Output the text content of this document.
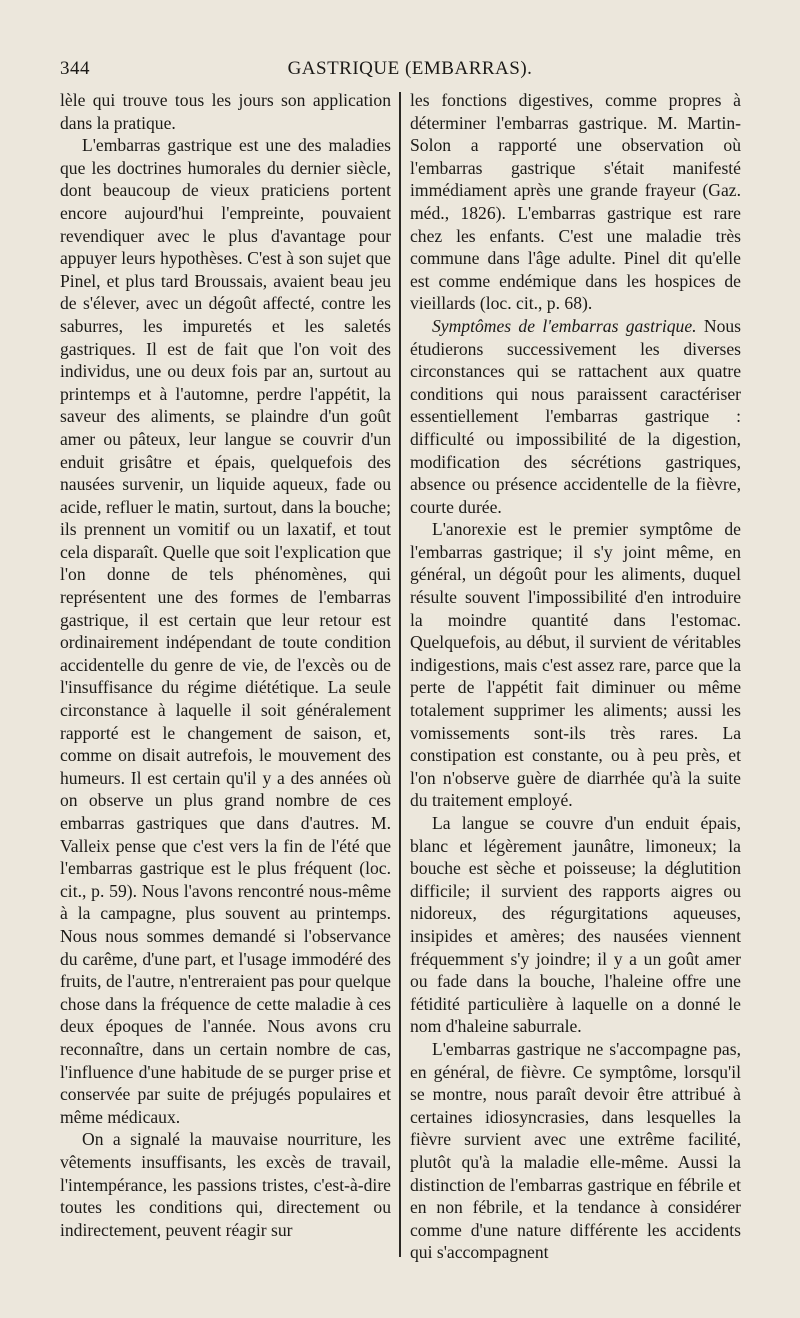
344	GASTRIQUE (EMBARRAS).

lèle qui trouve tous les jours son application dans la pratique.

L'embarras gastrique est une des maladies que les doctrines humorales du dernier siècle, dont beaucoup de vieux praticiens portent encore aujourd'hui l'empreinte, pouvaient revendiquer avec le plus d'avantage pour appuyer leurs hypothèses. C'est à son sujet que Pinel, et plus tard Broussais, avaient beau jeu de s'élever, avec un dégoût affecté, contre les saburres, les impuretés et les saletés gastriques. Il est de fait que l'on voit des individus, une ou deux fois par an, surtout au printemps et à l'automne, perdre l'appétit, la saveur des aliments, se plaindre d'un goût amer ou pâteux, leur langue se couvrir d'un enduit grisâtre et épais, quelquefois des nausées survenir, un liquide aqueux, fade ou acide, refluer le matin, surtout, dans la bouche; ils prennent un vomitif ou un laxatif, et tout cela disparaît. Quelle que soit l'explication que l'on donne de tels phénomènes, qui représentent une des formes de l'embarras gastrique, il est certain que leur retour est ordinairement indépendant de toute condition accidentelle du genre de vie, de l'excès ou de l'insuffisance du régime diététique. La seule circonstance à laquelle il soit généralement rapporté est le changement de saison, et, comme on disait autrefois, le mouvement des humeurs. Il est certain qu'il y a des années où on observe un plus grand nombre de ces embarras gastriques que dans d'autres. M. Valleix pense que c'est vers la fin de l'été que l'embarras gastrique est le plus fréquent (loc. cit., p. 59). Nous l'avons rencontré nous-même à la campagne, plus souvent au printemps. Nous nous sommes demandé si l'observance du carême, d'une part, et l'usage immodéré des fruits, de l'autre, n'entreraient pas pour quelque chose dans la fréquence de cette maladie à ces deux époques de l'année. Nous avons cru reconnaître, dans un certain nombre de cas, l'influence d'une habitude de se purger prise et conservée par suite de préjugés populaires et même médicaux.

On a signalé la mauvaise nourriture, les vêtements insuffisants, les excès de travail, l'intempérance, les passions tristes, c'est-à-dire toutes les conditions qui, directement ou indirectement, peuvent réagir sur

les fonctions digestives, comme propres à déterminer l'embarras gastrique. M. Martin-Solon a rapporté une observation où l'embarras gastrique s'était manifesté immédiament après une grande frayeur (Gaz. méd., 1826). L'embarras gastrique est rare chez les enfants. C'est une maladie très commune dans l'âge adulte. Pinel dit qu'elle est comme endémique dans les hospices de vieillards (loc. cit., p. 68).

Symptômes de l'embarras gastrique. Nous étudierons successivement les diverses circonstances qui se rattachent aux quatre conditions qui nous paraissent caractériser essentiellement l'embarras gastrique : difficulté ou impossibilité de la digestion, modification des sécrétions gastriques, absence ou présence accidentelle de la fièvre, courte durée.

L'anorexie est le premier symptôme de l'embarras gastrique; il s'y joint même, en général, un dégoût pour les aliments, duquel résulte souvent l'impossibilité d'en introduire la moindre quantité dans l'estomac. Quelquefois, au début, il survient de véritables indigestions, mais c'est assez rare, parce que la perte de l'appétit fait diminuer ou même totalement supprimer les aliments; aussi les vomissements sont-ils très rares. La constipation est constante, ou à peu près, et l'on n'observe guère de diarrhée qu'à la suite du traitement employé.

La langue se couvre d'un enduit épais, blanc et légèrement jaunâtre, limoneux; la bouche est sèche et poisseuse; la déglutition difficile; il survient des rapports aigres ou nidoreux, des régurgitations aqueuses, insipides et amères; des nausées viennent fréquemment s'y joindre; il y a un goût amer ou fade dans la bouche, l'haleine offre une fétidité particulière à laquelle on a donné le nom d'haleine saburrale.

L'embarras gastrique ne s'accompagne pas, en général, de fièvre. Ce symptôme, lorsqu'il se montre, nous paraît devoir être attribué à certaines idiosyncrasies, dans lesquelles la fièvre survient avec une extrême facilité, plutôt qu'à la maladie elle-même. Aussi la distinction de l'embarras gastrique en fébrile et en non fébrile, et la tendance à considérer comme d'une nature différente les accidents qui s'accompagnent
